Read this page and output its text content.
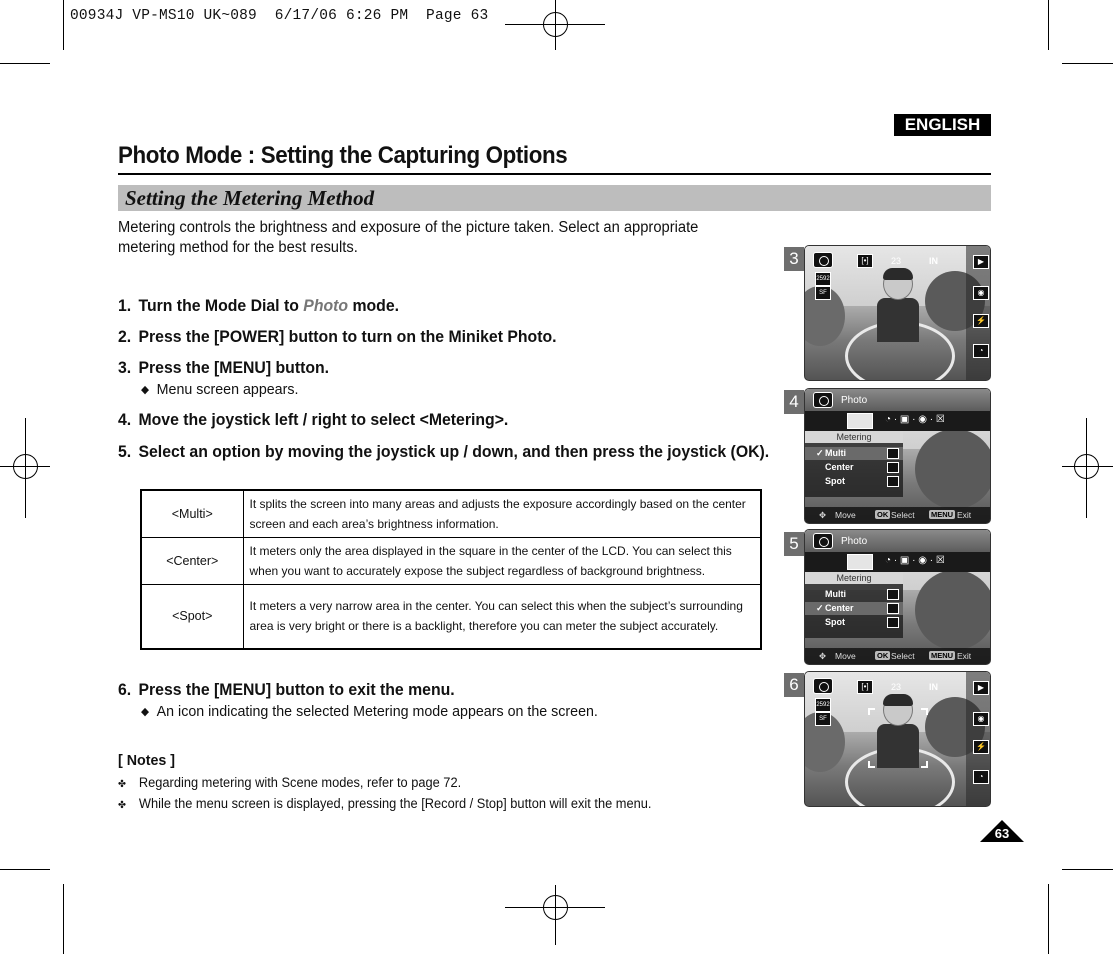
00934J VP-MS10 UK~089  6/17/06 6:26 PM  Page 63
ENGLISH
Photo Mode : Setting the Capturing Options
Setting the Metering Method

Metering controls the brightness and exposure of the picture taken. Select an appropriate metering method for the best results.

1. Turn the Mode Dial to Photo mode.
2. Press the [POWER] button to turn on the Miniket Photo.
3. Press the [MENU] button.
◆ Menu screen appears.
4. Move the joystick left / right to select <Metering>.
5. Select an option by moving the joystick up / down, and then press the joystick (OK).
<Multi>	It splits the screen into many areas and adjusts the exposure accordingly based on the center screen and each area’s brightness information.
<Center>	It meters only the area displayed in the square in the center of the LCD. You can select this when you want to accurately expose the subject regardless of background brightness.
<Spot>	It meters a very narrow area in the center. You can select this when the subject’s surrounding area is very bright or there is a backlight, therefore you can meter the subject accurately.
6. Press the [MENU] button to exit the menu.
◆ An icon indicating the selected Metering mode appears on the screen.
[ Notes ]
✤ Regarding metering with Scene modes, refer to page 72.
✤ While the menu screen is displayed, pressing the [Record / Stop] button will exit the menu.
3	[•]	23	IN	▶
2592
SF	◉
⚡
◔
4	Photo
◔ · ▣ · ◉ · ☒
Metering
✓ Multi
Center
Spot
✥ Move	OK Select MENU Exit
5	Photo
◔ · ▣ · ◉ · ☒
Metering
Multi
✓ Center
Spot
✥ Move	OK Select MENU Exit
6	[•]	23	IN	▶
2592
SF	◉
⚡
◔
63
